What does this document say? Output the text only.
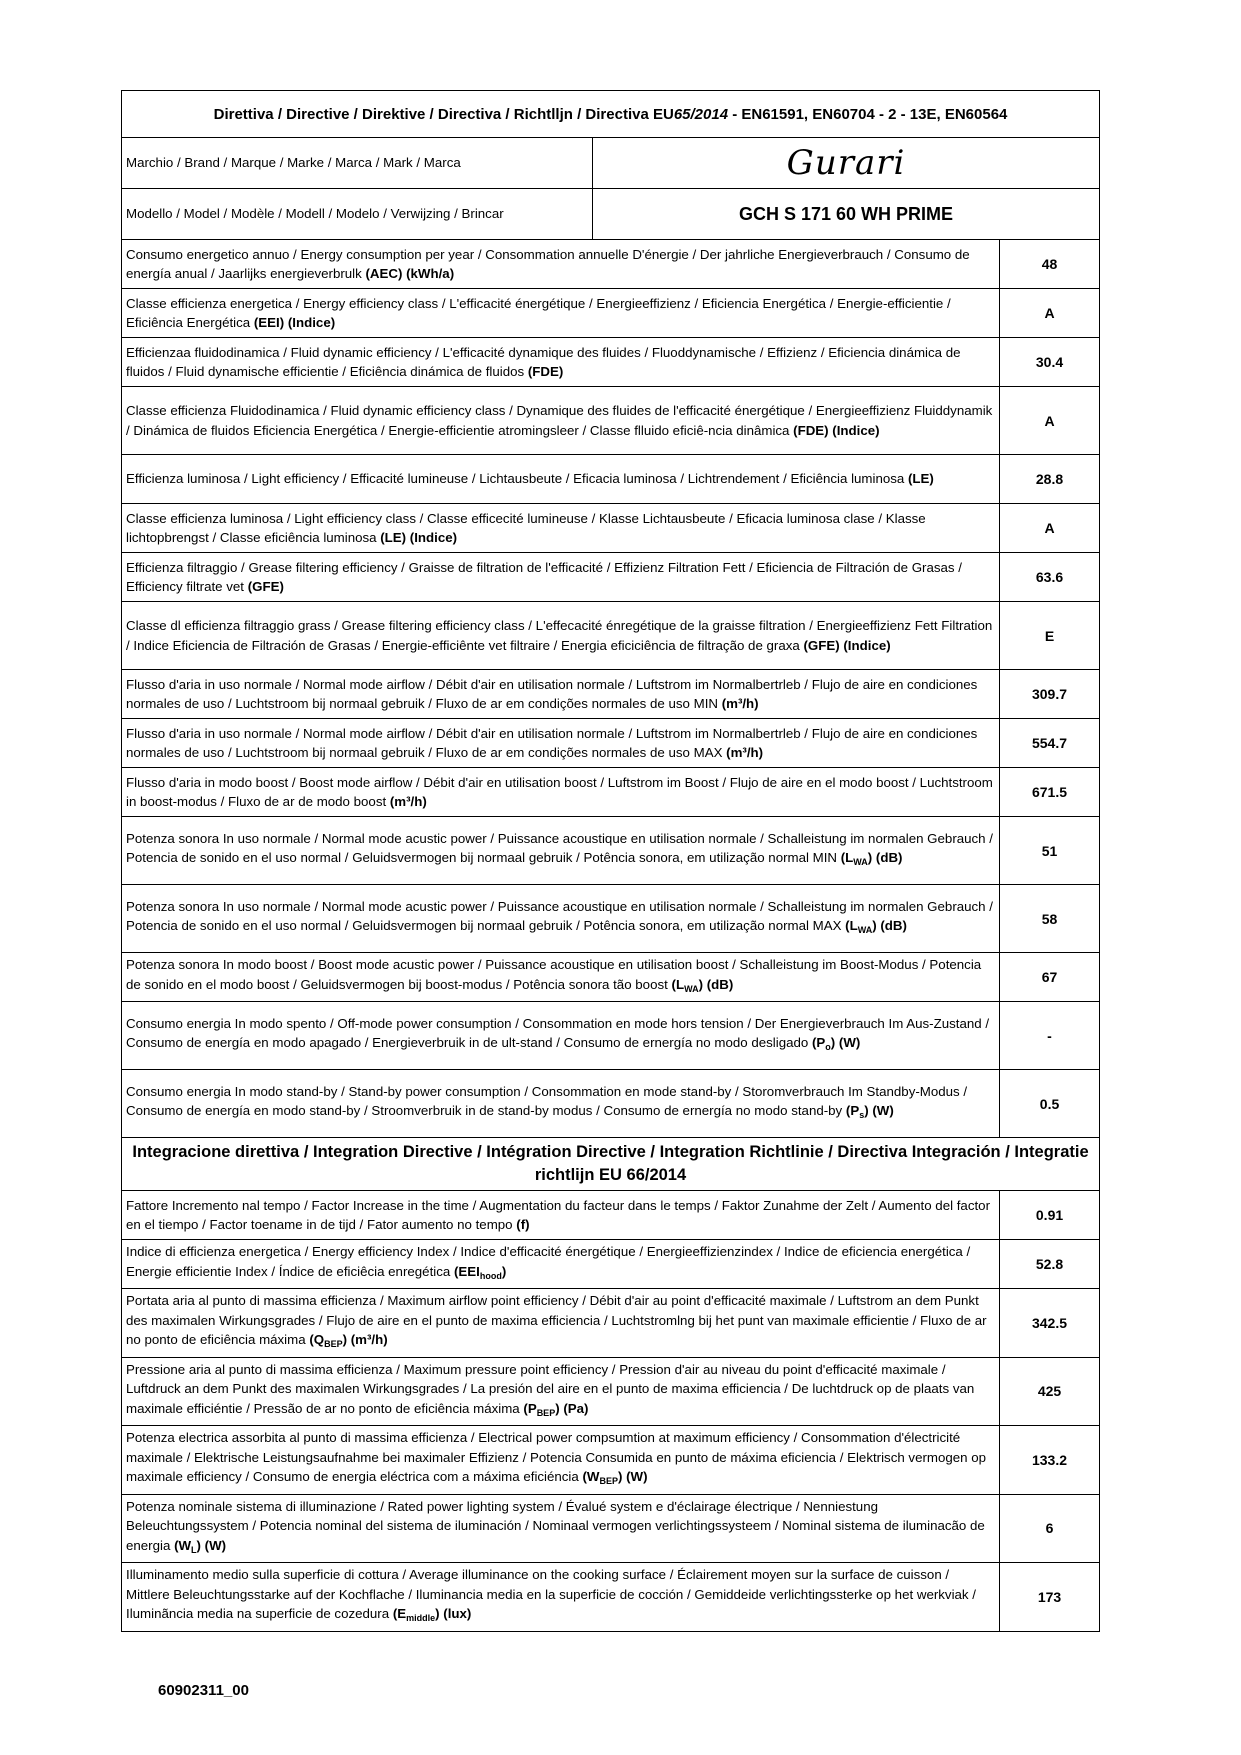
Direttiva / Directive / Direktive / Directiva / Richtlljn / Directiva EU65/2014 - EN61591, EN60704 - 2 - 13E, EN60564		
Marchio / Brand / Marque / Marke / Marca / Mark / Marca	Gurari	
Modello / Model / Modèle / Modell / Modelo / Verwijzing / Brincar	GCH S 171 60 WH PRIME	
Consumo energetico annuo / Energy consumption per year / Consommation annuelle D'énergie / Der jahrliche Energieverbrauch / Consumo de energía anual / Jaarlijks energieverbrulk (AEC) (kWh/a)		48
Classe efficienza energetica / Energy efficiency class / L'efficacité énergétique / Energieeffizienz / Eficiencia Energética / Energie-efficientie / Eficiência Energética (EEI) (Indice)		A
Efficienzaa fluidodinamica / Fluid dynamic efficiency / L'efficacité dynamique des fluides / Fluoddynamische / Effizienz / Eficiencia dinámica de fluidos / Fluid dynamische efficientie / Eficiência dinámica de fluidos (FDE)		30.4
Classe efficienza Fluidodinamica / Fluid dynamic efficiency class / Dynamique des fluides de l'efficacité énergétique / Energieeffizienz Fluiddynamik / Dinámica de fluidos Eficiencia Energética / Energie-efficientie atromingsleer / Classe flluido eficiê-ncia dinâmica (FDE) (Indice)		A
Efficienza luminosa / Light efficiency / Efficacité lumineuse / Lichtausbeute / Eficacia luminosa / Lichtrendement / Eficiência luminosa (LE)		28.8
Classe efficienza luminosa / Light efficiency class / Classe efficecité lumineuse / Klasse Lichtausbeute / Eficacia luminosa clase / Klasse lichtopbrengst / Classe eficiência luminosa (LE) (Indice)		A
Efficienza filtraggio / Grease filtering efficiency / Graisse de filtration de l'efficacité / Effizienz Filtration Fett / Eficiencia de Filtración de Grasas / Efficiency filtrate vet (GFE)		63.6
Classe dl efficienza filtraggio grass / Grease filtering efficiency class / L'effecacité énregétique de la graisse filtration / Energieeffizienz Fett Filtration / Indice Eficiencia de Filtración de Grasas / Energie-efficiênte vet filtraire / Energia eficiciência de filtração de graxa (GFE) (Indice)		E
Flusso d'aria in uso normale / Normal mode airflow / Débit d'air en utilisation normale / Luftstrom im Normalbertrleb / Flujo de aire en condiciones normales de uso / Luchtstroom bij normaal gebruik / Fluxo de ar em condições normales de uso MIN (m³/h)		309.7
Flusso d'aria in uso normale / Normal mode airflow / Débit d'air en utilisation normale / Luftstrom im Normalbertrleb / Flujo de aire en condiciones normales de uso / Luchtstroom bij normaal gebruik / Fluxo de ar em condições normales de uso MAX (m³/h)		554.7
Flusso d'aria in modo boost / Boost mode airflow / Débit d'air en utilisation boost / Luftstrom im Boost / Flujo de aire en el modo boost / Luchtstroom in boost-modus / Fluxo de ar de modo boost (m³/h)		671.5
Potenza sonora In uso normale / Normal mode acustic power / Puissance acoustique en utilisation normale / Schalleistung im normalen Gebrauch / Potencia de sonido en el uso normal / Geluidsvermogen bij normaal gebruik / Potência sonora, em utilização normal MIN $(L_{WA})$ (dB)		51
Potenza sonora In uso normale / Normal mode acustic power / Puissance acoustique en utilisation normale / Schalleistung im normalen Gebrauch / Potencia de sonido en el uso normal / Geluidsvermogen bij normaal gebruik / Potência sonora, em utilização normal MAX $(L_{WA})$ (dB)		58
Potenza sonora In modo boost / Boost mode acustic power / Puissance acoustique en utilisation boost / Schalleistung im Boost-Modus / Potencia de sonido en el modo boost / Geluidsvermogen bij boost-modus / Potência sonora tão boost $(L_{WA})$ (dB)		67
Consumo energia In modo spento / Off-mode power consumption / Consommation en mode hors tension / Der Energieverbrauch Im Aus-Zustand / Consumo de energía en modo apagado / Energieverbruik in de ult-stand / Consumo de ernergía no modo desligado $(P_o)$ (W)		-
Consumo energia In modo stand-by / Stand-by power consumption / Consommation en mode stand-by / Storomverbrauch Im Standby-Modus / Consumo de energía en modo stand-by / Stroomverbruik in de stand-by modus / Consumo de ernergía no modo stand-by $(P_s)$ (W)		0.5
Integracione direttiva / Integration Directive / Intégration Directive / Integration Richtlinie / Directiva Integración / Integratie richtlijn EU 66/2014		
Fattore Incremento nal tempo / Factor Increase in the time / Augmentation du facteur dans le temps / Faktor Zunahme der Zelt / Aumento del factor en el tiempo / Factor toename in de tijd / Fator aumento no tempo (f)		0.91
Indice di efficienza energetica / Energy efficiency Index / Indice d'efficacité énergétique / Energieeffizienzindex / Indice de eficiencia energética / Energie efficientie Index / Índice de eficiêcia enregética $(EEI_{hood})$		52.8
Portata aria al punto di massima efficienza / Maximum airflow point efficiency / Débit d'air au point d'efficacité maximale / Luftstrom an dem Punkt des maximalen Wirkungsgrades / Flujo de aire en el punto de maxima efficiencia / Luchtstromlng bij het punt van maximale efficientie / Fluxo de ar no ponto de eficiência máxima $(Q_{BEP})$ (m³/h)		342.5
Pressione aria al punto di massima efficienza / Maximum pressure point efficiency / Pression d'air au niveau du point d'efficacité maximale / Luftdruck an dem Punkt des maximalen Wirkungsgrades / La presión del aire en el punto de maxima efficiencia / De luchtdruck op de plaats van maximale efficiéntie / Pressão de ar no ponto de eficiência máxima $(P_{BEP})$ (Pa)		425
Potenza electrica assorbita al punto di massima efficienza / Electrical power compsumtion at maximum efficiency / Consommation d'électricité maximale / Elektrische Leistungsaufnahme bei maximaler Effizienz / Potencia Consumida en punto de máxima eficiencia / Elektrisch vermogen op maximale efficiency / Consumo de energia eléctrica com a máxima eficiéncia $(W_{BEP})$ (W)		133.2
Potenza nominale sistema di illuminazione / Rated power lighting system / Évalué system e d'éclairage électrique / Nenniestung Beleuchtungssystem / Potencia nominal del sistema de iluminación / Nominaal vermogen verlichtingssysteem / Nominal sistema de iluminacão de energia $(W_L)$ (W)		6
Illuminamento medio sulla superficie di cottura / Average illuminance on the cooking surface / Éclairement moyen sur la surface de cuisson / Mittlere Beleuchtungsstarke auf der Kochflache / Iluminancia media en la superficie de cocción / Gemiddeide verlichtingssterke op het werkviak / Iluminãncia media na superficie de cozedura $(E_{middle})$ (lux)		173
60902311_00
